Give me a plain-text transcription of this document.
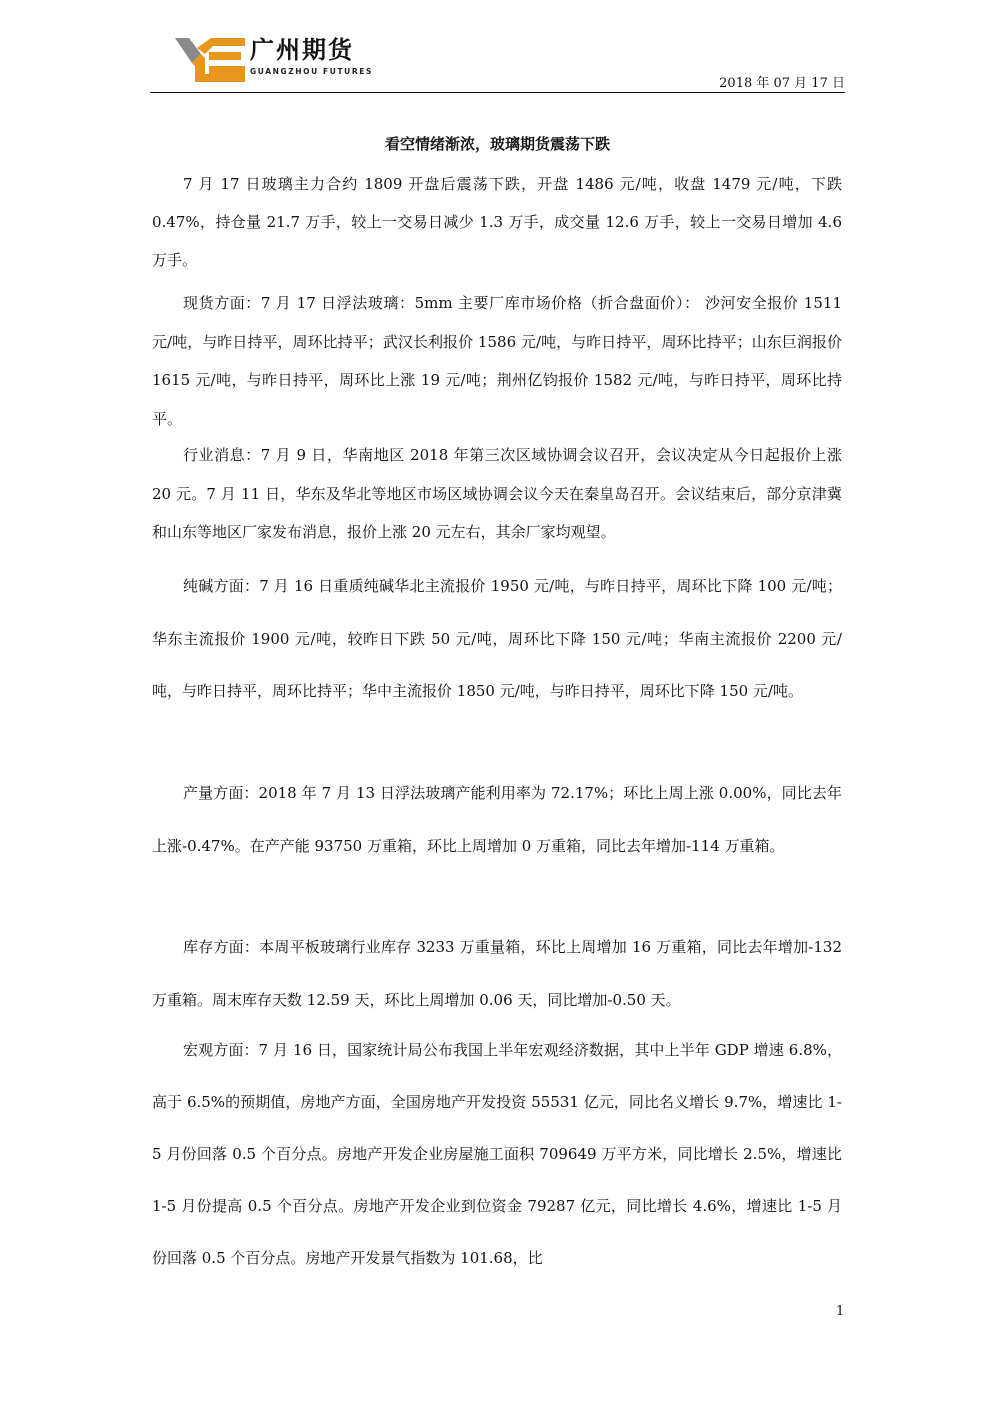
广州期货
GUANGZHOU FUTURES
2018 年 07 月 17 日
看空情绪渐浓，玻璃期货震荡下跌

7 月 17 日玻璃主力合约 1809 开盘后震荡下跌，开盘 1486 元/吨，收盘 1479 元/吨，下跌 0.47%，持仓量 21.7 万手，较上一交易日减少 1.3 万手，成交量 12.6 万手，较上一交易日增加 4.6 万手。

现货方面：7 月 17 日浮法玻璃：5mm 主要厂库市场价格（折合盘面价）： 沙河安全报价 1511 元/吨，与昨日持平，周环比持平；武汉长利报价 1586 元/吨，与昨日持平，周环比持平；山东巨润报价 1615 元/吨，与昨日持平，周环比上涨 19 元/吨；荆州亿钧报价 1582 元/吨，与昨日持平，周环比持平。

行业消息：7 月 9 日，华南地区 2018 年第三次区域协调会议召开，会议决定从今日起报价上涨 20 元。7 月 11 日，华东及华北等地区市场区域协调会议今天在秦皇岛召开。会议结束后，部分京津冀和山东等地区厂家发布消息，报价上涨 20 元左右，其余厂家均观望。

纯碱方面：7 月 16 日重质纯碱华北主流报价 1950 元/吨，与昨日持平，周环比下降 100 元/吨；华东主流报价 1900 元/吨，较昨日下跌 50 元/吨，周环比下降 150 元/吨；华南主流报价 2200 元/吨，与昨日持平，周环比持平；华中主流报价 1850 元/吨，与昨日持平，周环比下降 150 元/吨。

产量方面：2018 年 7 月 13 日浮法玻璃产能利用率为 72.17%；环比上周上涨 0.00%，同比去年上涨-0.47%。在产产能 93750 万重箱，环比上周增加 0 万重箱，同比去年增加-114 万重箱。

库存方面：本周平板玻璃行业库存 3233 万重量箱，环比上周增加 16 万重箱，同比去年增加-132 万重箱。周末库存天数 12.59 天，环比上周增加 0.06 天，同比增加-0.50 天。

宏观方面：7 月 16 日，国家统计局公布我国上半年宏观经济数据，其中上半年 GDP 增速 6.8%，高于 6.5%的预期值，房地产方面，全国房地产开发投资 55531 亿元，同比名义增长 9.7%，增速比 1-5 月份回落 0.5 个百分点。房地产开发企业房屋施工面积 709649 万平方米，同比增长 2.5%，增速比 1-5 月份提高 0.5 个百分点。房地产开发企业到位资金 79287 亿元，同比增长 4.6%，增速比 1-5 月份回落 0.5 个百分点。房地产开发景气指数为 101.68，比

1
